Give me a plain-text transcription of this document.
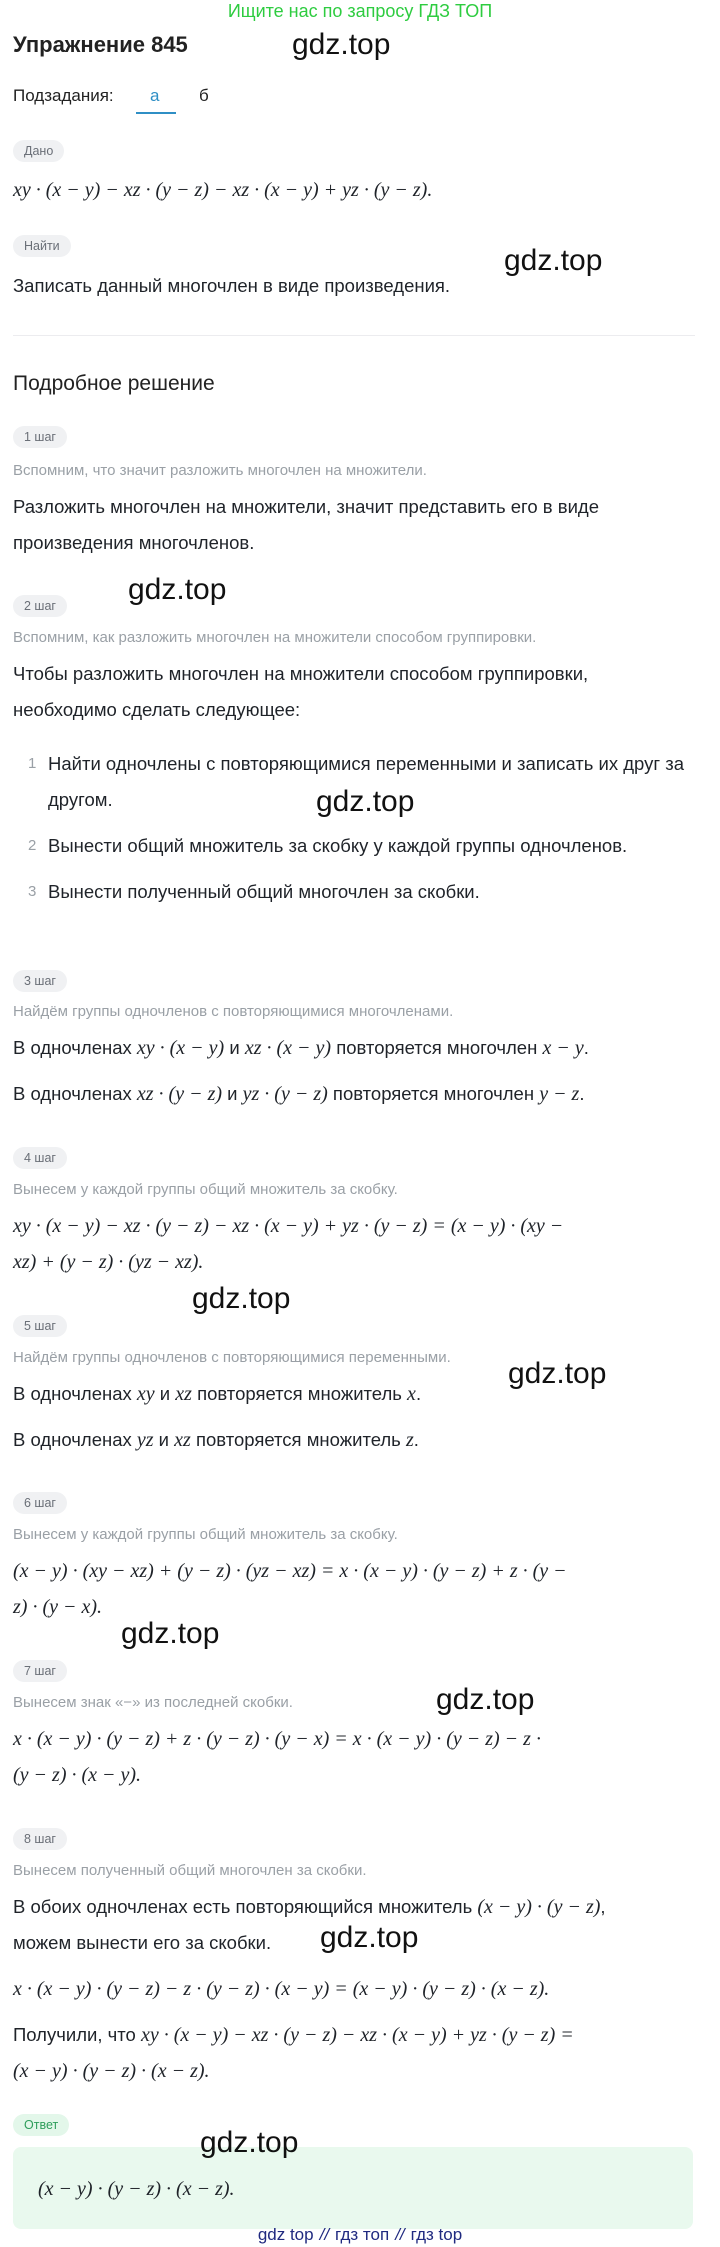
Ищите нас по запросу ГДЗ ТОП
Упражнение 845
Подзадания: а б
Дано
xy · (x − y) − xz · (y − z) − xz · (x − y) + yz · (y − z).
Найти
Записать данный многочлен в виде произведения.
Подробное решение
1 шаг
Вспомним, что значит разложить многочлен на множители.
Разложить многочлен на множители, значит представить его в виде
произведения многочленов.
2 шаг
Вспомним, как разложить многочлен на множители способом группировки.
Чтобы разложить многочлен на множители способом группировки,
необходимо сделать следующее:
1 Найти одночлены с повторяющимися переменными и записать их друг за
другом.
2 Вынести общий множитель за скобку у каждой группы одночленов.
3 Вынести полученный общий многочлен за скобки.
3 шаг
Найдём группы одночленов с повторяющимися многочленами.
В одночленах xy · (x − y) и xz · (x − y) повторяется многочлен x − y.
В одночленах xz · (y − z) и yz · (y − z) повторяется многочлен y − z.
4 шаг
Вынесем у каждой группы общий множитель за скобку.
xy · (x − y) − xz · (y − z) − xz · (x − y) + yz · (y − z) = (x − y) · (xy −
xz) + (y − z) · (yz − xz).
5 шаг
Найдём группы одночленов с повторяющимися переменными.
В одночленах xy и xz повторяется множитель x.
В одночленах yz и xz повторяется множитель z.
6 шаг
Вынесем у каждой группы общий множитель за скобку.
(x − y) · (xy − xz) + (y − z) · (yz − xz) = x · (x − y) · (y − z) + z · (y −
z) · (y − x).
7 шаг
Вынесем знак «−» из последней скобки.
x · (x − y) · (y − z) + z · (y − z) · (y − x) = x · (x − y) · (y − z) − z ·
(y − z) · (x − y).
8 шаг
Вынесем полученный общий многочлен за скобки.
В обоих одночленах есть повторяющийся множитель (x − y) · (y − z),
можем вынести его за скобки.
x · (x − y) · (y − z) − z · (y − z) · (x − y) = (x − y) · (y − z) · (x − z).
Получили, что xy · (x − y) − xz · (y − z) − xz · (x − y) + yz · (y − z) =
(x − y) · (y − z) · (x − z).
Ответ
(x − y) · (y − z) · (x − z).
gdz.top
gdz.top
gdz.top
gdz.top
gdz.top
gdz.top
gdz.top
gdz.top
gdz.top
gdz.top
gdz top // гдз топ // гдз top
